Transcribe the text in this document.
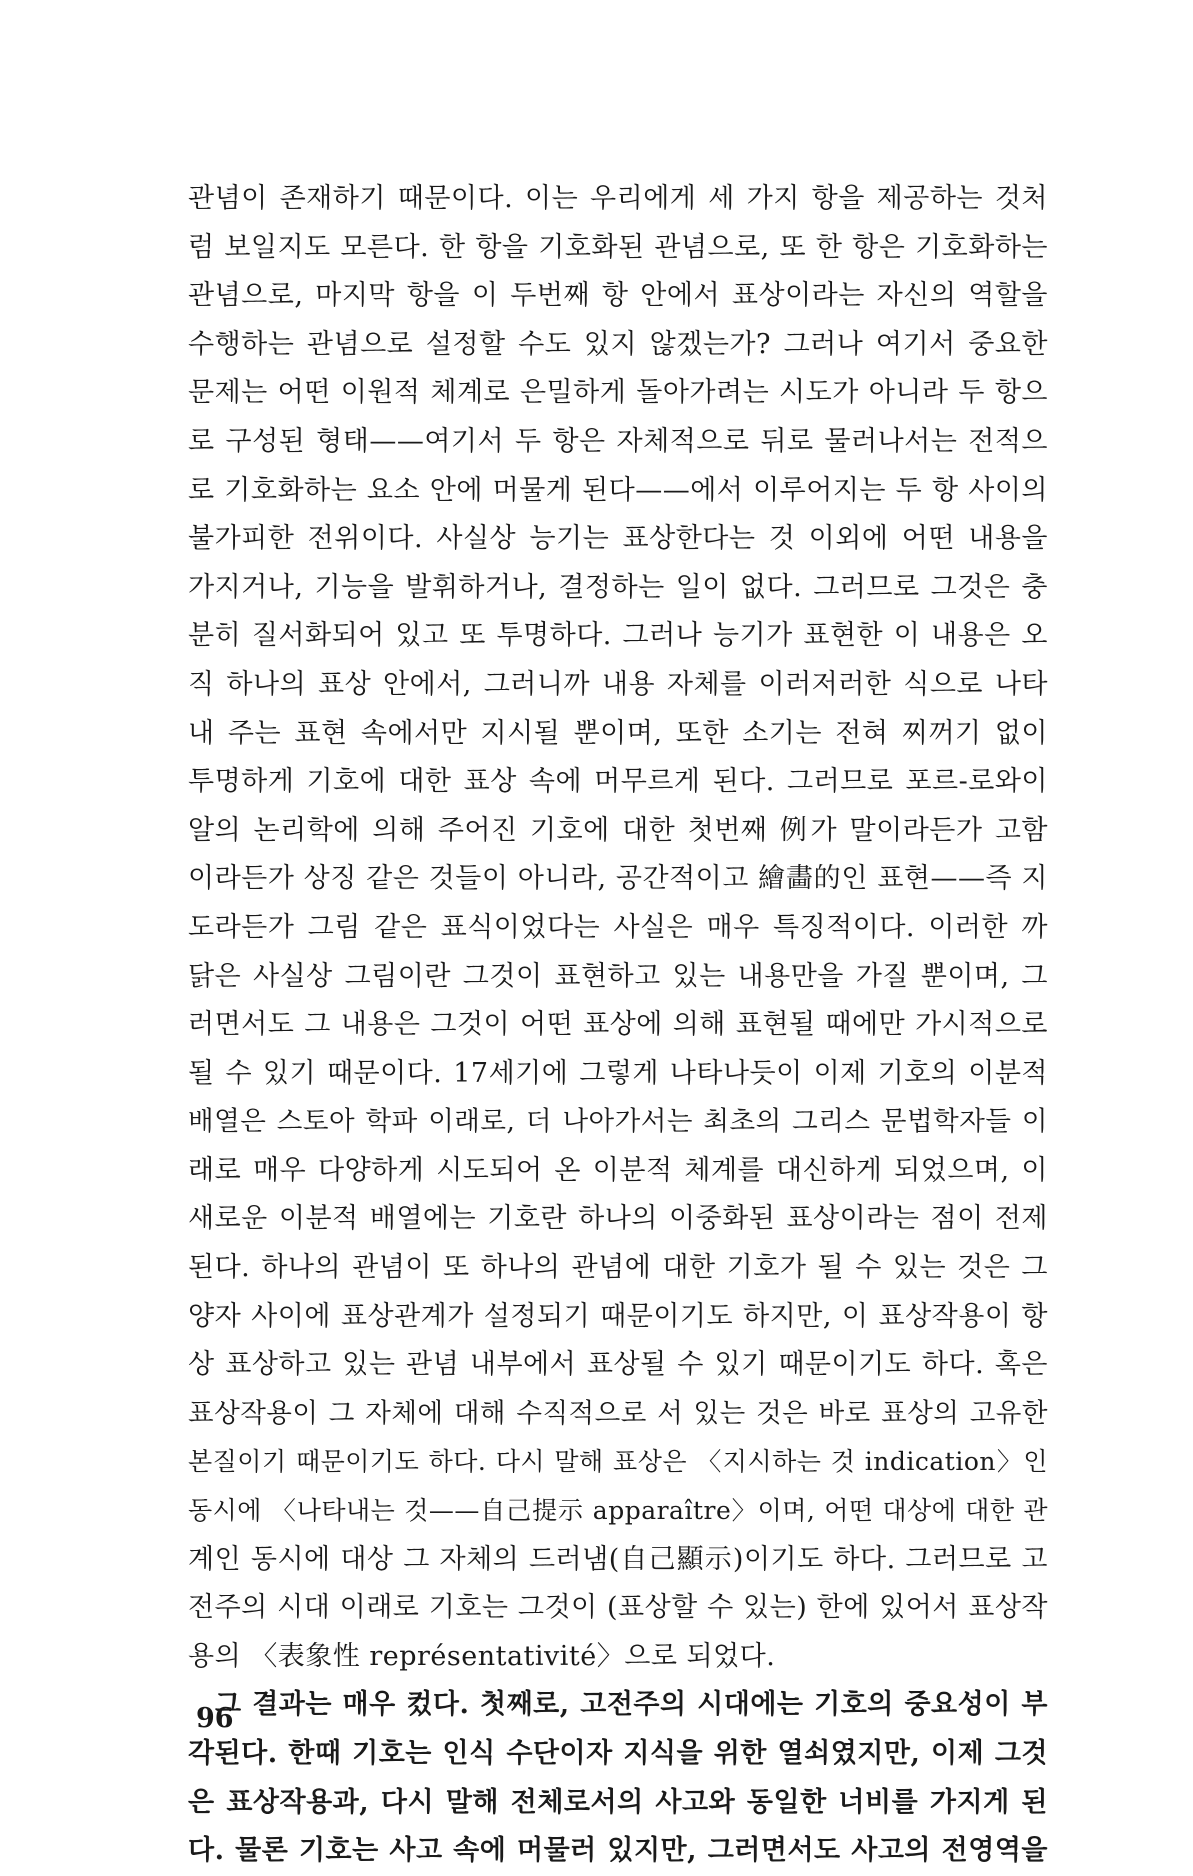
관념이 존재하기 때문이다. 이는 우리에게 세 가지 항을 제공하는 것처
럼 보일지도 모른다. 한 항을 기호화된 관념으로, 또 한 항은 기호화하는
관념으로, 마지막 항을 이 두번째 항 안에서 표상이라는 자신의 역할을
수행하는 관념으로 설정할 수도 있지 않겠는가? 그러나 여기서 중요한
문제는 어떤 이원적 체계로 은밀하게 돌아가려는 시도가 아니라 두 항으
로 구성된 형태——여기서 두 항은 자체적으로 뒤로 물러나서는 전적으
로 기호화하는 요소 안에 머물게 된다——에서 이루어지는 두 항 사이의
불가피한 전위이다. 사실상 능기는 표상한다는 것 이외에 어떤 내용을
가지거나, 기능을 발휘하거나, 결정하는 일이 없다. 그러므로 그것은 충
분히 질서화되어 있고 또 투명하다. 그러나 능기가 표현한 이 내용은 오
직 하나의 표상 안에서, 그러니까 내용 자체를 이러저러한 식으로 나타
내 주는 표현 속에서만 지시될 뿐이며, 또한 소기는 전혀 찌꺼기 없이
투명하게 기호에 대한 표상 속에 머무르게 된다. 그러므로 포르-로와이
알의 논리학에 의해 주어진 기호에 대한 첫번째 例가 말이라든가 고함
이라든가 상징 같은 것들이 아니라, 공간적이고 繪畵的인 표현——즉 지
도라든가 그림 같은 표식이었다는 사실은 매우 특징적이다. 이러한 까
닭은 사실상 그림이란 그것이 표현하고 있는 내용만을 가질 뿐이며, 그
러면서도 그 내용은 그것이 어떤 표상에 의해 표현될 때에만 가시적으로
될 수 있기 때문이다. 17세기에 그렇게 나타나듯이 이제 기호의 이분적
배열은 스토아 학파 이래로, 더 나아가서는 최초의 그리스 문법학자들 이
래로 매우 다양하게 시도되어 온 이분적 체계를 대신하게 되었으며, 이
새로운 이분적 배열에는 기호란 하나의 이중화된 표상이라는 점이 전제
된다. 하나의 관념이 또 하나의 관념에 대한 기호가 될 수 있는 것은 그
양자 사이에 표상관계가 설정되기 때문이기도 하지만, 이 표상작용이 항
상 표상하고 있는 관념 내부에서 표상될 수 있기 때문이기도 하다. 혹은
표상작용이 그 자체에 대해 수직적으로 서 있는 것은 바로 표상의 고유한
본질이기 때문이기도 하다. 다시 말해 표상은 〈지시하는 것 indication〉인
동시에 〈나타내는 것——自己提示 apparaître〉이며, 어떤 대상에 대한 관
계인 동시에 대상 그 자체의 드러냄(自己顯示)이기도 하다. 그러므로 고
전주의 시대 이래로 기호는 그것이 (표상할 수 있는) 한에 있어서 표상작
용의 〈表象性 représentativité〉으로 되었다.
그 결과는 매우 컸다. 첫째로, 고전주의 시대에는 기호의 중요성이 부
각된다. 한때 기호는 인식 수단이자 지식을 위한 열쇠였지만, 이제 그것
은 표상작용과, 다시 말해 전체로서의 사고와 동일한 너비를 가지게 된
다. 물론 기호는 사고 속에 머물러 있지만, 그러면서도 사고의 전영역을
96
